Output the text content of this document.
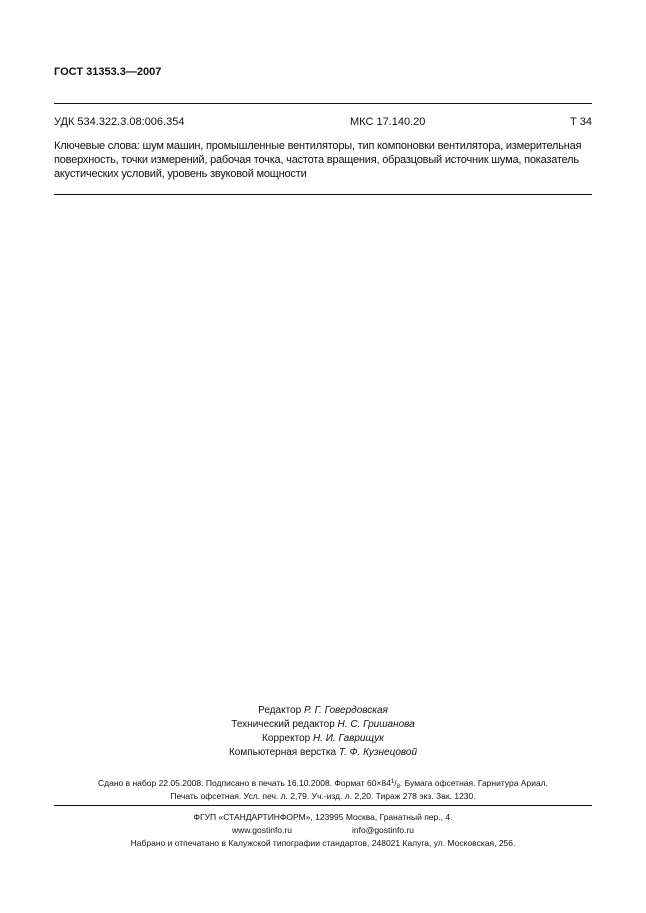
ГОСТ 31353.3—2007
УДК 534.322.3.08:006.354	МКС 17.140.20	Т 34
Ключевые слова: шум машин, промышленные вентиляторы, тип компоновки вентилятора, измерительная
поверхность, точки измерений, рабочая точка, частота вращения, образцовый источник шума, показатель
акустических условий, уровень звуковой мощности
Редактор Р. Г. Говердовская
Технический редактор Н. С. Гришанова
Корректор Н. И. Гаврищук
Компьютерная верстка Т. Ф. Кузнецовой
Сдано в набор 22.05.2008. Подписано в печать 16.10.2008. Формат $60\times 84^1/_8$. Бумага офсетная. Гарнитура Ариал.
Печать офсетная. Усл. печ. л. 2,79. Уч.-изд. л. 2,20. Тираж 278 экз. Зак. 1230.
ФГУП «СТАНДАРТИНФОРМ», 123995 Москва, Гранатный пер., 4.
www.gostinfo.ru	info@gostinfo.ru
Набрано и отпечатано в Калужской типографии стандартов, 248021 Калуга, ул. Московская, 256.
